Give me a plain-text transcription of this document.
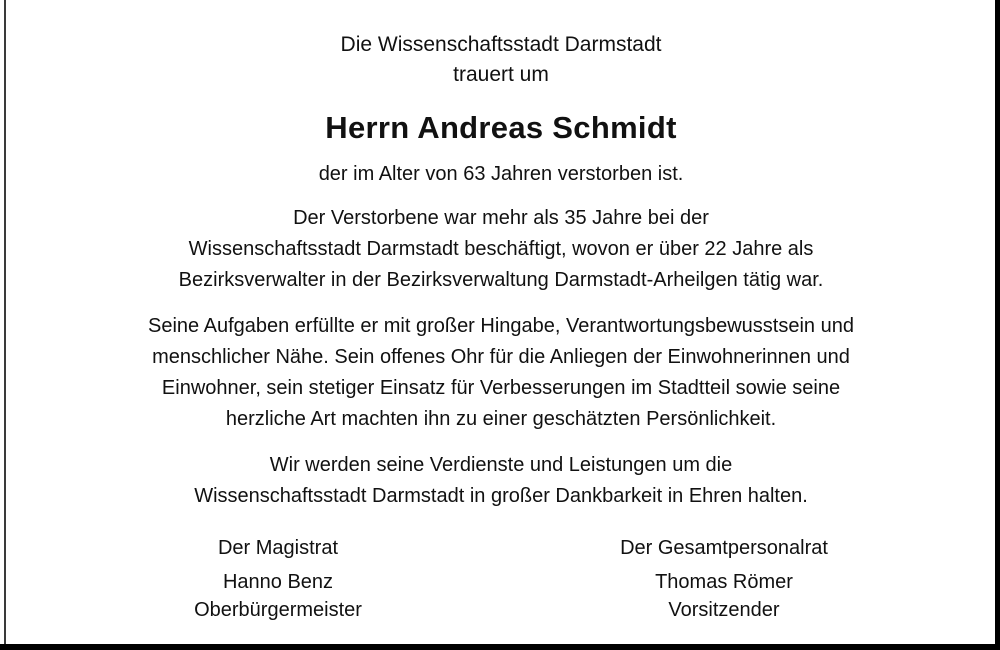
Die Wissenschaftsstadt Darmstadt
trauert um
Herrn Andreas Schmidt
der im Alter von 63 Jahren verstorben ist.
Der Verstorbene war mehr als 35 Jahre bei der
Wissenschaftsstadt Darmstadt beschäftigt, wovon er über 22 Jahre als
Bezirksverwalter in der Bezirksverwaltung Darmstadt-Arheilgen tätig war.
Seine Aufgaben erfüllte er mit großer Hingabe, Verantwortungsbewusstsein und
menschlicher Nähe. Sein offenes Ohr für die Anliegen der Einwohnerinnen und
Einwohner, sein stetiger Einsatz für Verbesserungen im Stadtteil sowie seine
herzliche Art machten ihn zu einer geschätzten Persönlichkeit.
Wir werden seine Verdienste und Leistungen um die
Wissenschaftsstadt Darmstadt in großer Dankbarkeit in Ehren halten.
Der Magistrat
Hanno Benz
Oberbürgermeister
Der Gesamtpersonalrat
Thomas Römer
Vorsitzender
